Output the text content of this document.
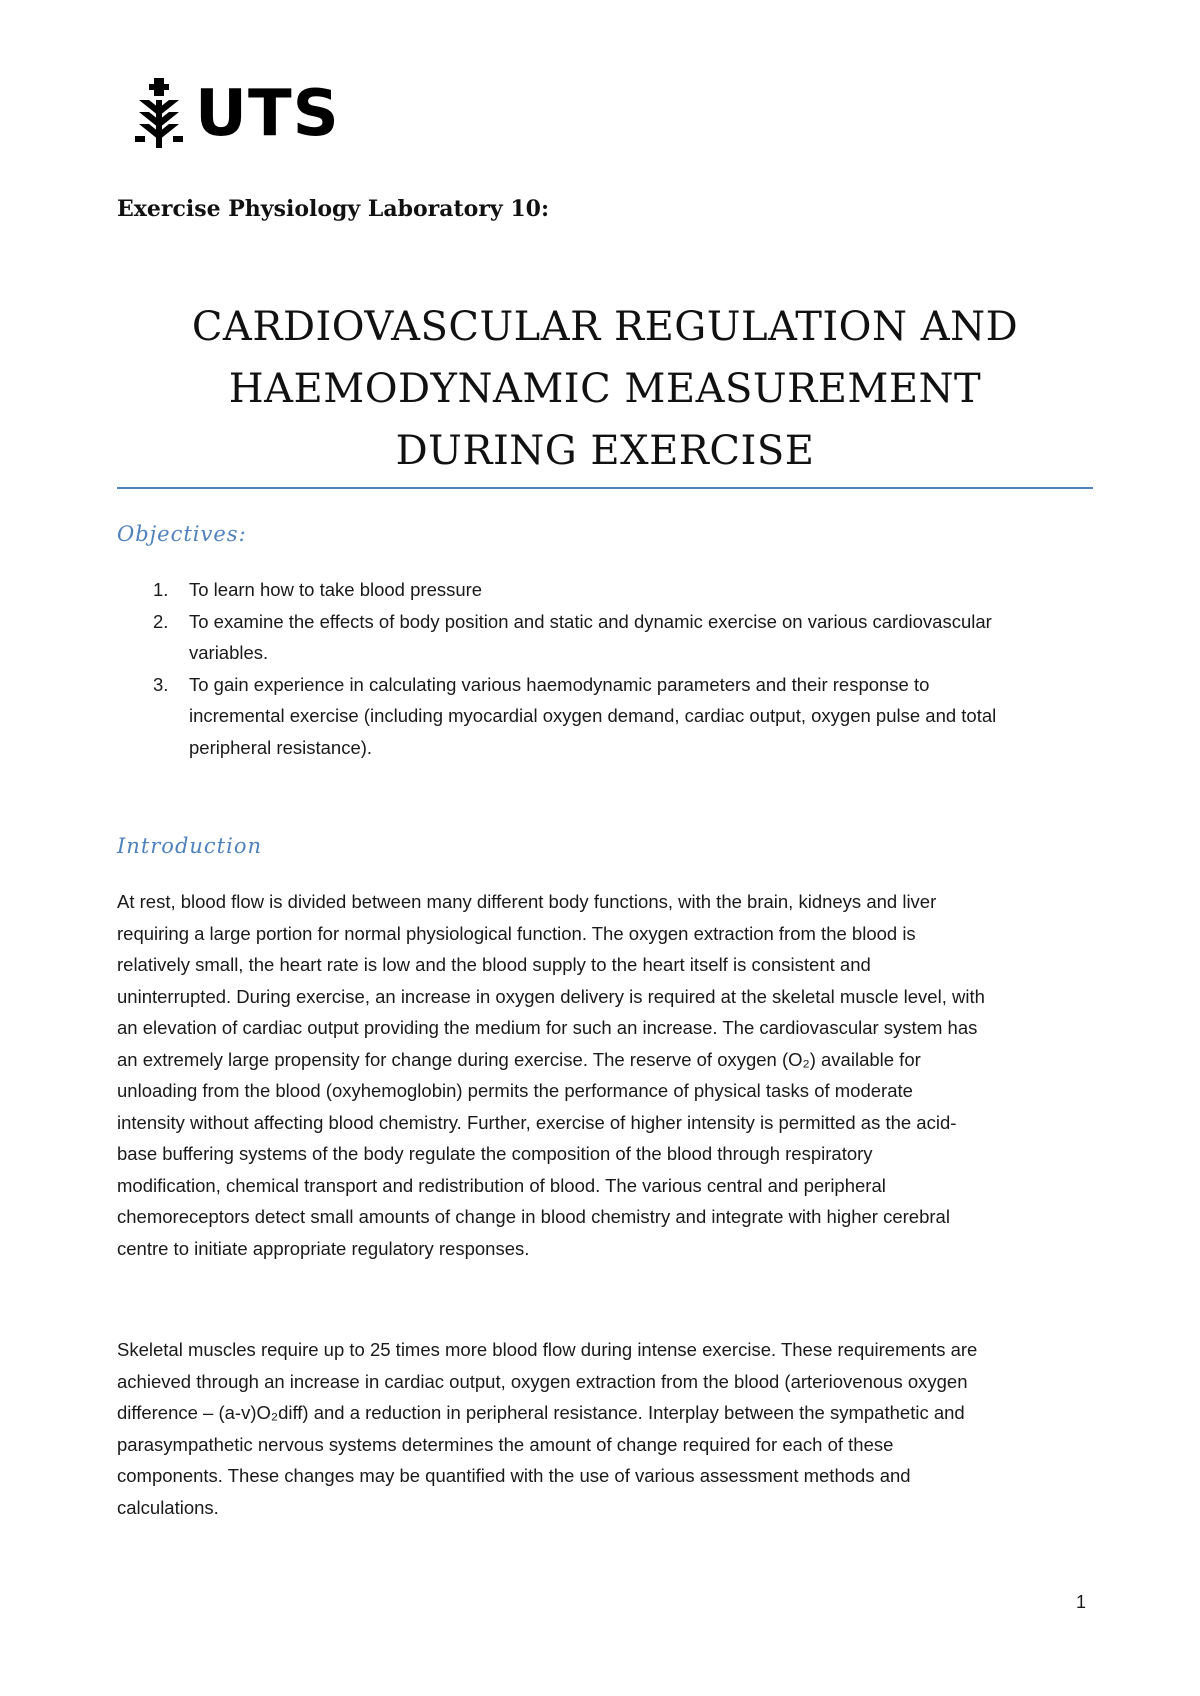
UTS
Exercise Physiology Laboratory 10:
CARDIOVASCULAR REGULATION AND
HAEMODYNAMIC MEASUREMENT
DURING EXERCISE
Objectives:
1. To learn how to take blood pressure
2. To examine the effects of body position and static and dynamic exercise on various cardiovascular
variables.
3. To gain experience in calculating various haemodynamic parameters and their response to
incremental exercise (including myocardial oxygen demand, cardiac output, oxygen pulse and total
peripheral resistance).
Introduction
At rest, blood flow is divided between many different body functions, with the brain, kidneys and liver
requiring a large portion for normal physiological function. The oxygen extraction from the blood is
relatively small, the heart rate is low and the blood supply to the heart itself is consistent and
uninterrupted. During exercise, an increase in oxygen delivery is required at the skeletal muscle level, with
an elevation of cardiac output providing the medium for such an increase. The cardiovascular system has
an extremely large propensity for change during exercise. The reserve of oxygen (O₂) available for
unloading from the blood (oxyhemoglobin) permits the performance of physical tasks of moderate
intensity without affecting blood chemistry. Further, exercise of higher intensity is permitted as the acid-
base buffering systems of the body regulate the composition of the blood through respiratory
modification, chemical transport and redistribution of blood. The various central and peripheral
chemoreceptors detect small amounts of change in blood chemistry and integrate with higher cerebral
centre to initiate appropriate regulatory responses.
Skeletal muscles require up to 25 times more blood flow during intense exercise. These requirements are
achieved through an increase in cardiac output, oxygen extraction from the blood (arteriovenous oxygen
difference – (a-v)O₂diff) and a reduction in peripheral resistance. Interplay between the sympathetic and
parasympathetic nervous systems determines the amount of change required for each of these
components. These changes may be quantified with the use of various assessment methods and
calculations.
1
